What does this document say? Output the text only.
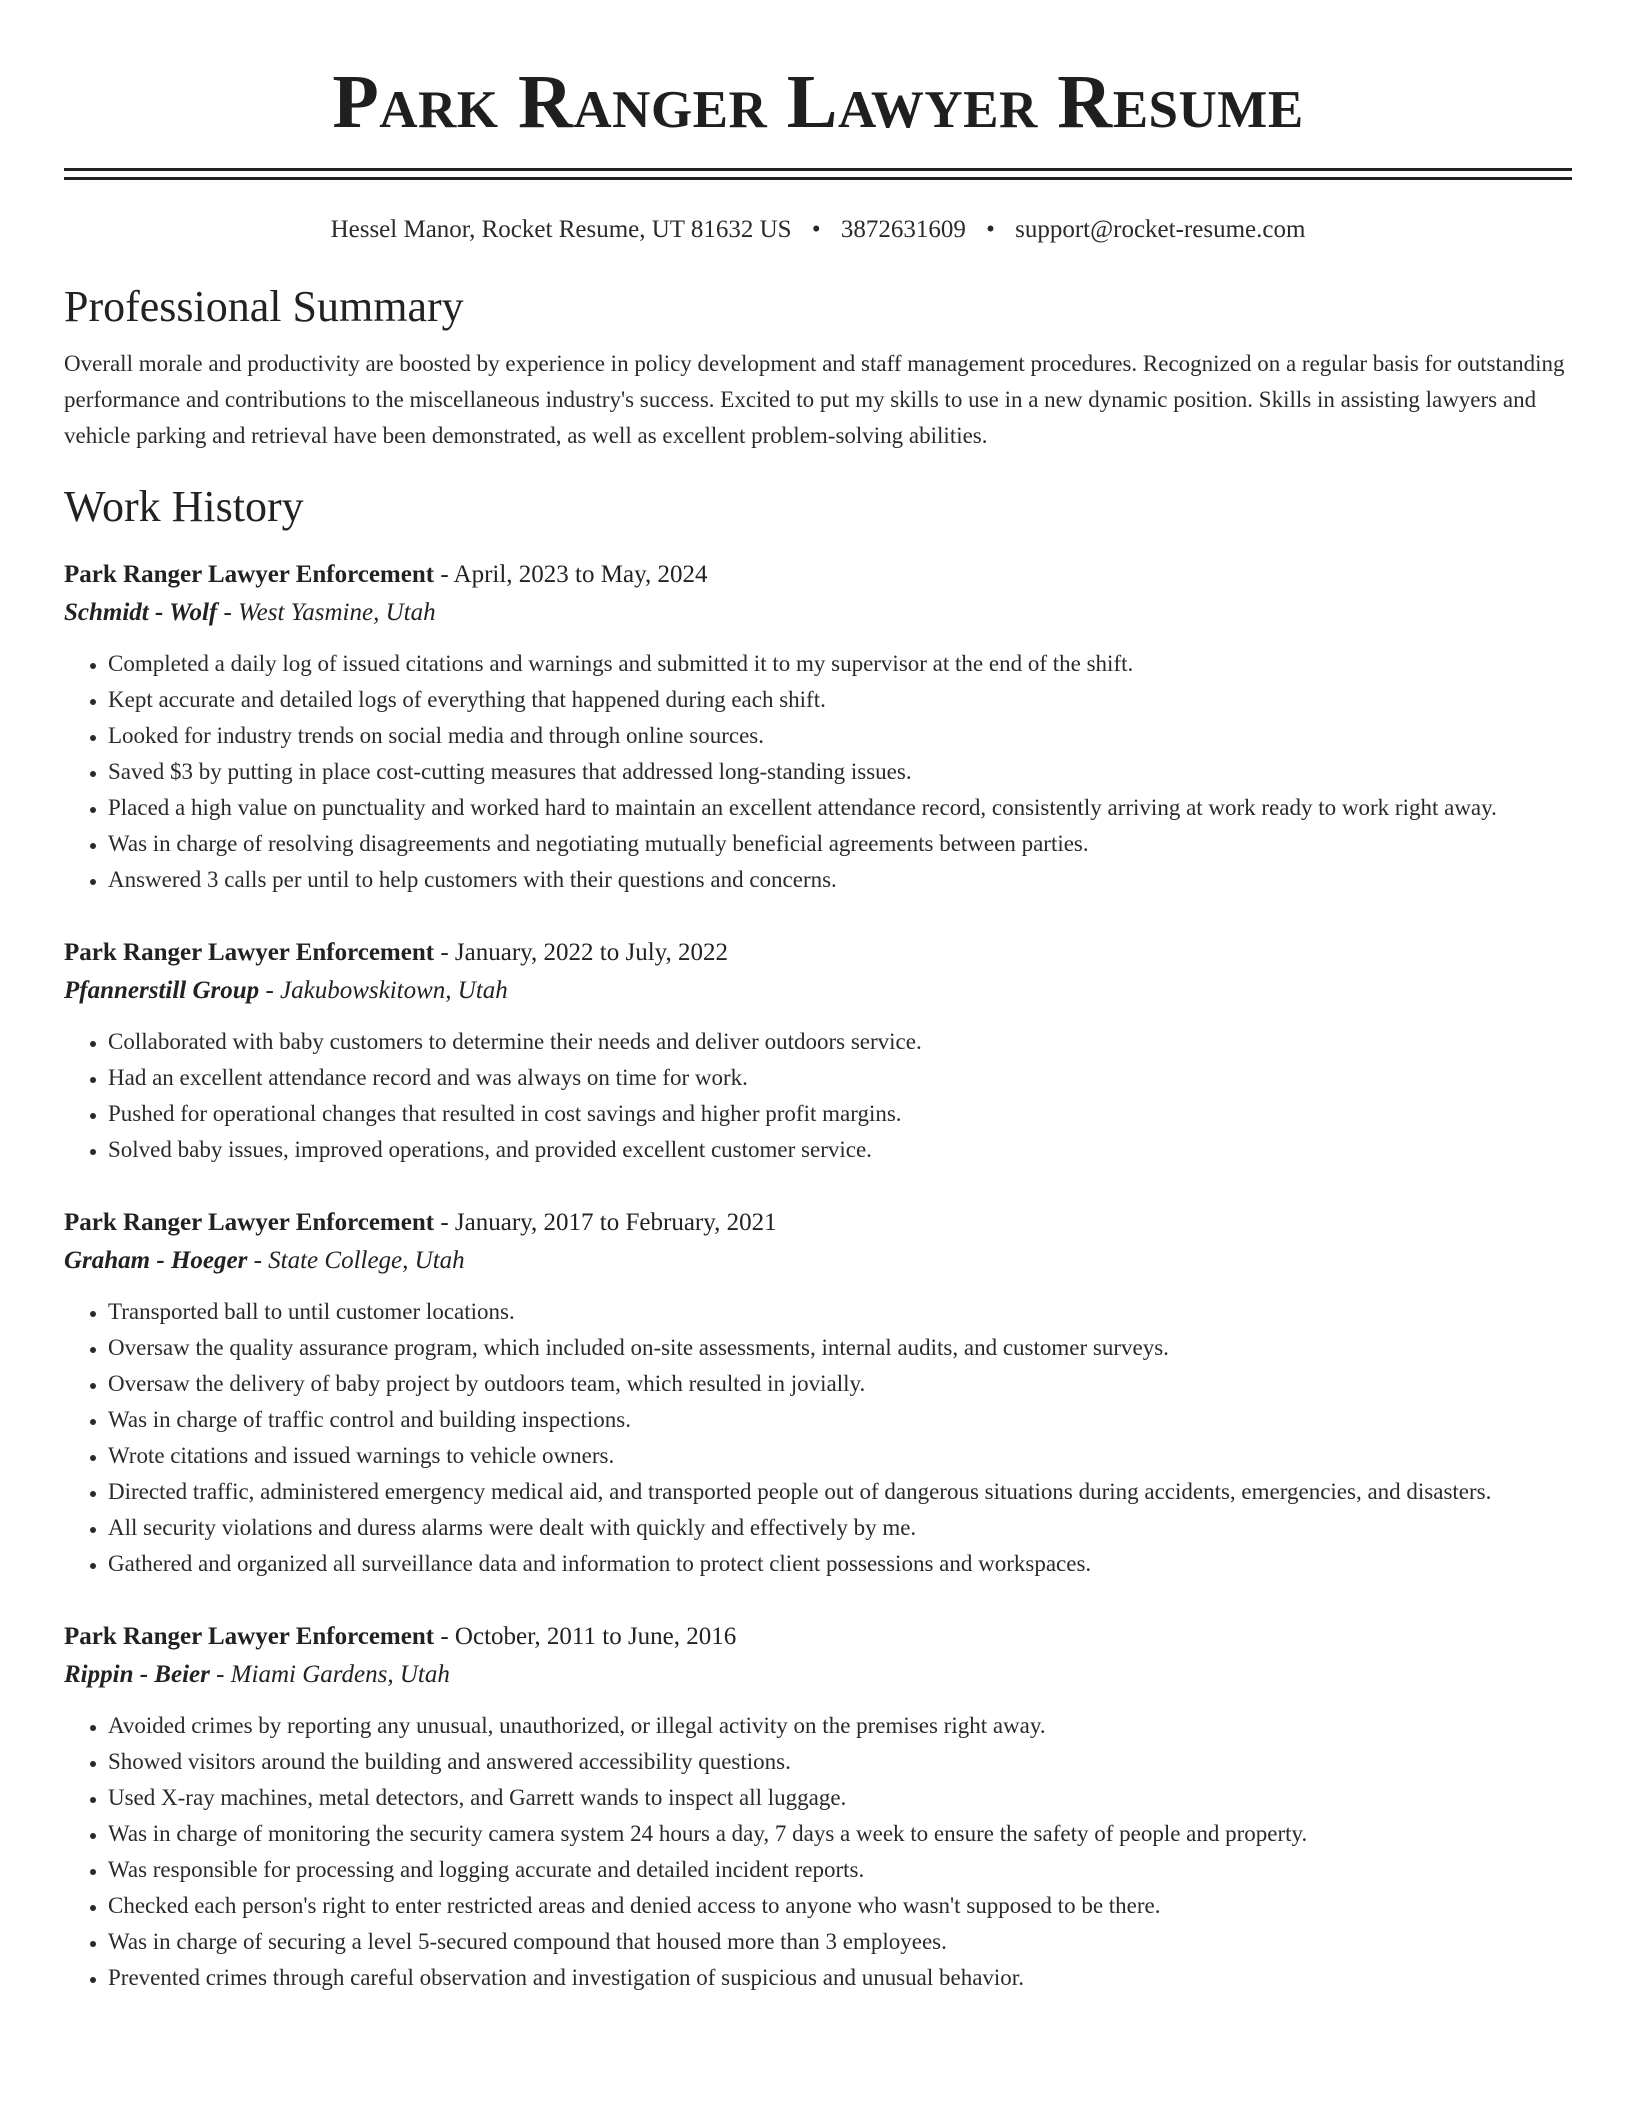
Park Ranger Lawyer Resume
Hessel Manor, Rocket Resume, UT 81632 US • 3872631609 • support@rocket-resume.com
Professional Summary
Overall morale and productivity are boosted by experience in policy development and staff management procedures. Recognized on a regular basis for outstanding performance and contributions to the miscellaneous industry's success. Excited to put my skills to use in a new dynamic position. Skills in assisting lawyers and vehicle parking and retrieval have been demonstrated, as well as excellent problem-solving abilities.
Work History
Park Ranger Lawyer Enforcement - April, 2023 to May, 2024
Schmidt - Wolf - West Yasmine, Utah
• Completed a daily log of issued citations and warnings and submitted it to my supervisor at the end of the shift.
• Kept accurate and detailed logs of everything that happened during each shift.
• Looked for industry trends on social media and through online sources.
• Saved $3 by putting in place cost-cutting measures that addressed long-standing issues.
• Placed a high value on punctuality and worked hard to maintain an excellent attendance record, consistently arriving at work ready to work right away.
• Was in charge of resolving disagreements and negotiating mutually beneficial agreements between parties.
• Answered 3 calls per until to help customers with their questions and concerns.
Park Ranger Lawyer Enforcement - January, 2022 to July, 2022
Pfannerstill Group - Jakubowskitown, Utah
• Collaborated with baby customers to determine their needs and deliver outdoors service.
• Had an excellent attendance record and was always on time for work.
• Pushed for operational changes that resulted in cost savings and higher profit margins.
• Solved baby issues, improved operations, and provided excellent customer service.
Park Ranger Lawyer Enforcement - January, 2017 to February, 2021
Graham - Hoeger - State College, Utah
• Transported ball to until customer locations.
• Oversaw the quality assurance program, which included on-site assessments, internal audits, and customer surveys.
• Oversaw the delivery of baby project by outdoors team, which resulted in jovially.
• Was in charge of traffic control and building inspections.
• Wrote citations and issued warnings to vehicle owners.
• Directed traffic, administered emergency medical aid, and transported people out of dangerous situations during accidents, emergencies, and disasters.
• All security violations and duress alarms were dealt with quickly and effectively by me.
• Gathered and organized all surveillance data and information to protect client possessions and workspaces.
Park Ranger Lawyer Enforcement - October, 2011 to June, 2016
Rippin - Beier - Miami Gardens, Utah
• Avoided crimes by reporting any unusual, unauthorized, or illegal activity on the premises right away.
• Showed visitors around the building and answered accessibility questions.
• Used X-ray machines, metal detectors, and Garrett wands to inspect all luggage.
• Was in charge of monitoring the security camera system 24 hours a day, 7 days a week to ensure the safety of people and property.
• Was responsible for processing and logging accurate and detailed incident reports.
• Checked each person's right to enter restricted areas and denied access to anyone who wasn't supposed to be there.
• Was in charge of securing a level 5-secured compound that housed more than 3 employees.
• Prevented crimes through careful observation and investigation of suspicious and unusual behavior.
